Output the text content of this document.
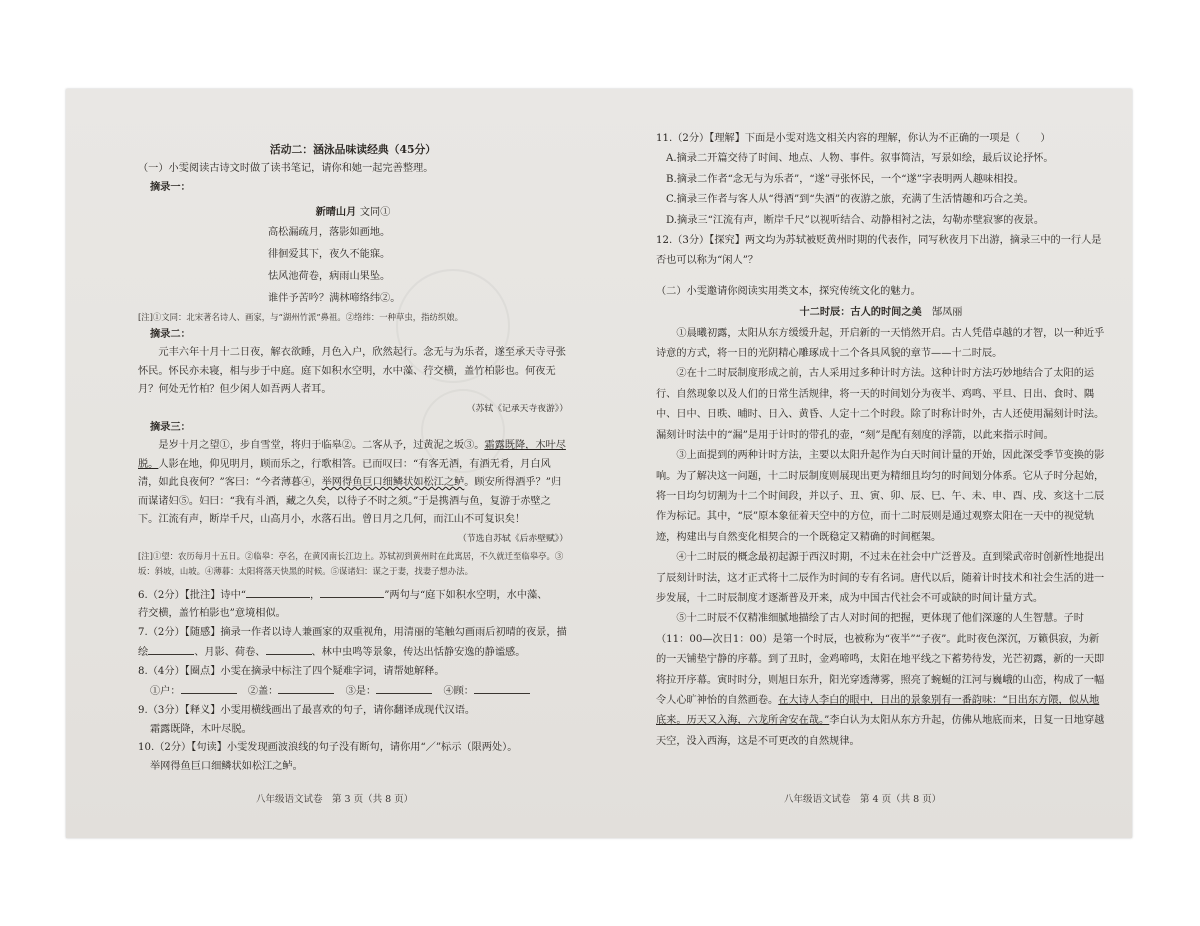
活动二：涵泳品味读经典（45分）
（一）小雯阅读古诗文时做了读书笔记，请你和她一起完善整理。
摘录一：
新晴山月 文同①
高松漏疏月，落影如画地。
徘徊爱其下，夜久不能寐。
怯风池荷卷，病雨山果坠。
谁伴予苦吟？满林啼络纬②。
[注]①文同：北宋著名诗人、画家，与“湖州竹派”鼻祖。②络纬：一种草虫，指纺织娘。
摘录二：
元丰六年十月十二日夜，解衣欲睡，月色入户，欣然起行。念无与为乐者，遂至承天寺寻张怀民。怀民亦未寝，相与步于中庭。庭下如积水空明，水中藻、荇交横，盖竹柏影也。何夜无月？何处无竹柏？但少闲人如吾两人者耳。
（苏轼《记承天寺夜游》）
摘录三：
是岁十月之望①，步自雪堂，将归于临皋②。二客从予，过黄泥之坂③。霜露既降，木叶尽脱。人影在地，仰见明月，顾而乐之，行歌相答。已而叹曰：“有客无酒，有酒无肴，月白风清，如此良夜何？”客曰：“今者薄暮④，举网得鱼巨口细鳞状如松江之鲈。顾安所得酒乎？”归而谋诸妇⑤。妇曰：“我有斗酒，藏之久矣，以待子不时之须。”于是携酒与鱼，复游于赤壁之下。江流有声，断岸千尺，山高月小，水落石出。曾日月之几何，而江山不可复识矣！
（节选自苏轼《后赤壁赋》）
[注]①望：农历每月十五日。②临皋：亭名，在黄冈南长江边上。苏轼初到黄州时在此寓居，不久就迁至临皋亭。③坂：斜坡，山坡。④薄暮：太阳将落天快黑的时候。⑤谋诸妇：谋之于妻，找妻子想办法。
6.（2分）【批注】诗中“	，	”两句与“庭下如积水空明，水中藻、
荇交横，盖竹柏影也”意境相似。
7.（2分）【随感】摘录一作者以诗人兼画家的双重视角，用清丽的笔触勾画雨后初晴的夜景，描绘	、月影、荷卷、	、林中虫鸣等景象，传达出恬静安逸的静谧感。
8.（4分）【圈点】小雯在摘录中标注了四个疑难字词，请帮她解释。
①户：	②盖：	③是：	④顾：
9.（3分）【释义】小雯用横线画出了最喜欢的句子，请你翻译成现代汉语。
霜露既降，木叶尽脱。
10.（2分）【句读】小雯发现画波浪线的句子没有断句，请你用“／”标示（限两处）。
举网得鱼巨口细鳞状如松江之鲈。
八年级语文试卷　第 3 页（共 8 页）
11.（2分）【理解】下面是小雯对选文相关内容的理解，你认为不正确的一项是（　　）
A.摘录二开篇交待了时间、地点、人物、事件。叙事简洁，写景如绘，最后议论抒怀。
B.摘录二作者“念无与为乐者”，“遂”寻张怀民，一个“遂”字表明两人趣味相投。
C.摘录三作者与客人从“得酒”到“失酒”的夜游之旅，充满了生活情趣和巧合之美。
D.摘录三“江流有声，断岸千尺”以视听结合、动静相衬之法，勾勒赤壁寂寥的夜景。
12.（3分）【探究】两文均为苏轼被贬黄州时期的代表作，同写秋夜月下出游，摘录三中的一行人是否也可以称为“闲人”？
（二）小雯邀请你阅读实用类文本，探究传统文化的魅力。
十二时辰：古人的时间之美　 郜凤丽
①晨曦初露，太阳从东方缓缓升起，开启新的一天悄然开启。古人凭借卓越的才智，以一种近乎诗意的方式，将一日的光阴精心雕琢成十二个各具风貌的章节——十二时辰。
②在十二时辰制度形成之前，古人采用过多种计时方法。这种计时方法巧妙地结合了太阳的运行、自然现象以及人们的日常生活规律，将一天的时间划分为夜半、鸡鸣、平旦、日出、食时、隅中、日中、日昳、晡时、日入、黄昏、人定十二个时段。除了时称计时外，古人还使用漏刻计时法。漏刻计时法中的“漏”是用于计时的带孔的壶，“刻”是配有刻度的浮箭，以此来指示时间。
③上面提到的两种计时方法，主要以太阳升起作为白天时间计量的开始，因此深受季节变换的影响。为了解决这一问题，十二时辰制度则展现出更为精细且均匀的时间划分体系。它从子时分起始，将一日均匀切割为十二个时间段，并以子、丑、寅、卯、辰、巳、午、未、申、酉、戌、亥这十二辰作为标记。其中，“辰”原本象征着天空中的方位，而十二时辰则是通过观察太阳在一天中的视觉轨迹，构建出与自然变化相契合的一个既稳定又精确的时间框架。
④十二时辰的概念最初起源于西汉时期，不过未在社会中广泛普及。直到梁武帝时创新性地提出了辰刻计时法，这才正式将十二辰作为时间的专有名词。唐代以后，随着计时技术和社会生活的进一步发展，十二时辰制度才逐渐普及开来，成为中国古代社会不可或缺的时间计量方式。
⑤十二时辰不仅精准细腻地描绘了古人对时间的把握，更体现了他们深邃的人生智慧。子时（11：00—次日1：00）是第一个时辰，也被称为“夜半”“子夜”。此时夜色深沉，万籁俱寂，为新的一天铺垫宁静的序幕。到了丑时，金鸡啼鸣，太阳在地平线之下蓄势待发，光芒初露，新的一天即将拉开序幕。寅时时分，则旭日东升，阳光穿透薄雾，照亮了蜿蜒的江河与巍峨的山峦，构成了一幅令人心旷神怡的自然画卷。在大诗人李白的眼中，日出的景象别有一番韵味：“日出东方隈，似从地底来。历天又入海，六龙所舍安在哉。”李白认为太阳从东方升起，仿佛从地底而来，日复一日地穿越天空，没入西海，这是不可更改的自然规律。
八年级语文试卷　第 4 页（共 8 页）
